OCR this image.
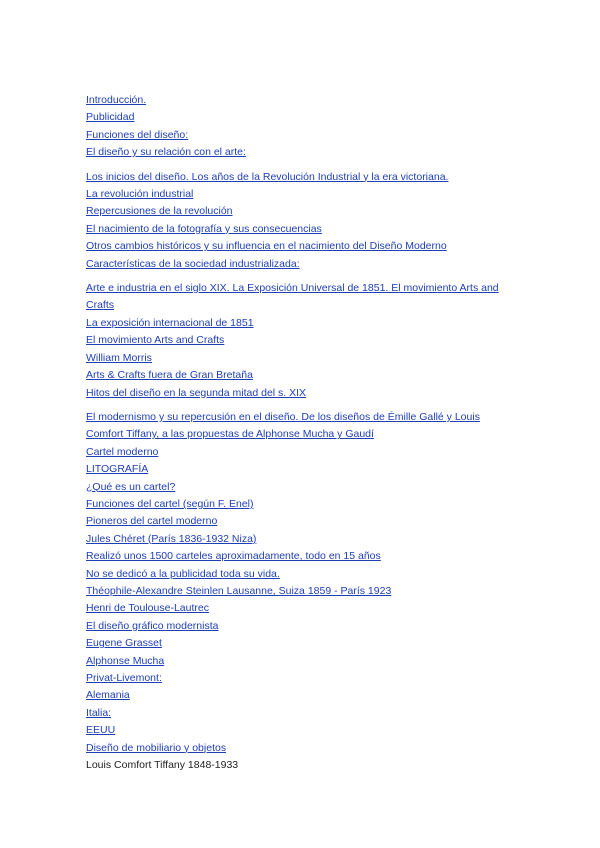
Introducción.
Publicidad
Funciones del diseño:
El diseño y su relación con el arte:
Los inicios del diseño. Los años de la Revolución Industrial y la era victoriana.
La revolución industrial
Repercusiones de la revolución
El nacimiento de la fotografía y sus consecuencias
Otros cambios históricos y su influencia en el nacimiento del Diseño Moderno
Características de la sociedad industrializada:
Arte e industria en el siglo XIX. La Exposición Universal de 1851. El movimiento Arts and Crafts
La exposición internacional de 1851
El movimiento Arts and Crafts
William Morris
Arts & Crafts fuera de Gran Bretaña
Hitos del diseño en la segunda mitad del s. XIX
El modernismo y su repercusión en el diseño. De los diseños de Émille Gallé y Louis Comfort Tiffany, a las propuestas de Alphonse Mucha y Gaudí
Cartel moderno
LITOGRAFÍA
¿Qué es un cartel?
Funciones del cartel (según F. Enel)
Pioneros del cartel moderno
Jules Chéret (París 1836-1932 Niza)
Realizó unos 1500 carteles aproximadamente, todo en 15 años
No se dedicó a la publicidad toda su vida.
Théophile-Alexandre Steinlen Lausanne, Suiza 1859 - París 1923
Henri de Toulouse-Lautrec
El diseño gráfico modernista
Eugene Grasset
Alphonse Mucha
Privat-Livemont:
Alemania
Italia:
EEUU
Diseño de mobiliario y objetos
Louis Comfort Tiffany 1848-1933
